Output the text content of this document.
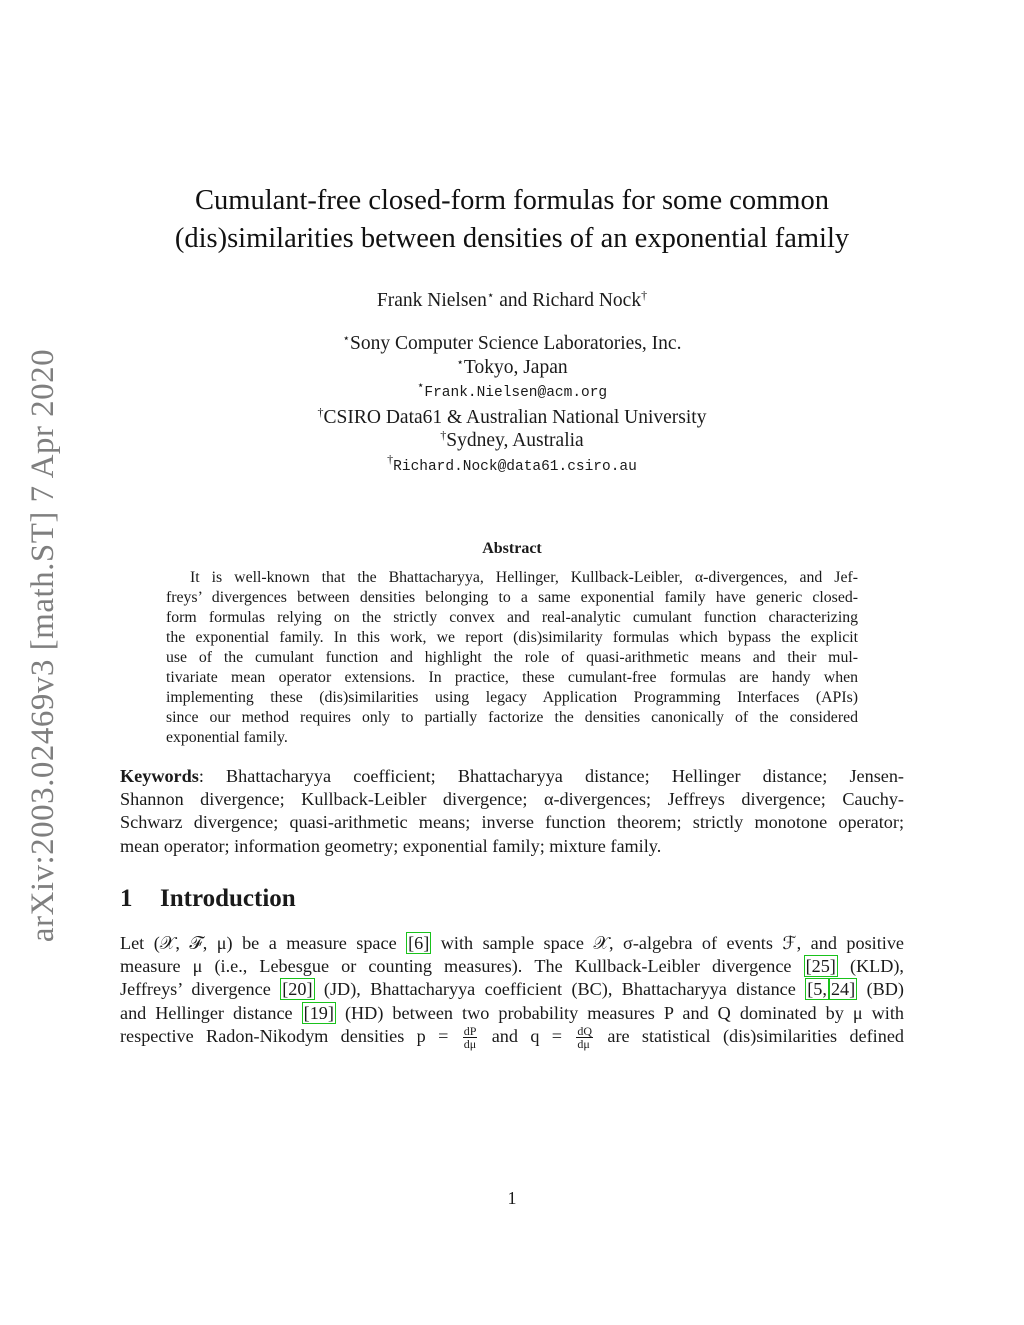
arXiv:2003.02469v3 [math.ST] 7 Apr 2020
Cumulant-free closed-form formulas for some common
(dis)similarities between densities of an exponential family
Frank Nielsen⋆ and Richard Nock†
⋆Sony Computer Science Laboratories, Inc.
⋆Tokyo, Japan
⋆Frank.Nielsen@acm.org
†CSIRO Data61 & Australian National University
†Sydney, Australia
†Richard.Nock@data61.csiro.au
Abstract
It is well-known that the Bhattacharyya, Hellinger, Kullback-Leibler, α-divergences, and Jef-
freys’ divergences between densities belonging to a same exponential family have generic closed-
form formulas relying on the strictly convex and real-analytic cumulant function characterizing
the exponential family. In this work, we report (dis)similarity formulas which bypass the explicit
use of the cumulant function and highlight the role of quasi-arithmetic means and their mul-
tivariate mean operator extensions. In practice, these cumulant-free formulas are handy when
implementing these (dis)similarities using legacy Application Programming Interfaces (APIs)
since our method requires only to partially factorize the densities canonically of the considered
exponential family.
Keywords: Bhattacharyya coefficient; Bhattacharyya distance; Hellinger distance; Jensen-
Shannon divergence; Kullback-Leibler divergence; α-divergences; Jeffreys divergence; Cauchy-
Schwarz divergence; quasi-arithmetic means; inverse function theorem; strictly monotone operator;
mean operator; information geometry; exponential family; mixture family.
1 Introduction
Let (𝒳, ℱ, μ) be a measure space [6] with sample space 𝒳, σ-algebra of events ℱ, and positive
measure μ (i.e., Lebesgue or counting measures). The Kullback-Leibler divergence [25] (KLD),
Jeffreys’ divergence [20] (JD), Bhattacharyya coefficient (BC), Bhattacharyya distance [5, 24] (BD)
and Hellinger distance [19] (HD) between two probability measures P and Q dominated by μ with
respective Radon-Nikodym densities $p = \frac{dP}{d\mu}$ and $q = \frac{dQ}{d\mu}$ are statistical (dis)similarities defined
1
